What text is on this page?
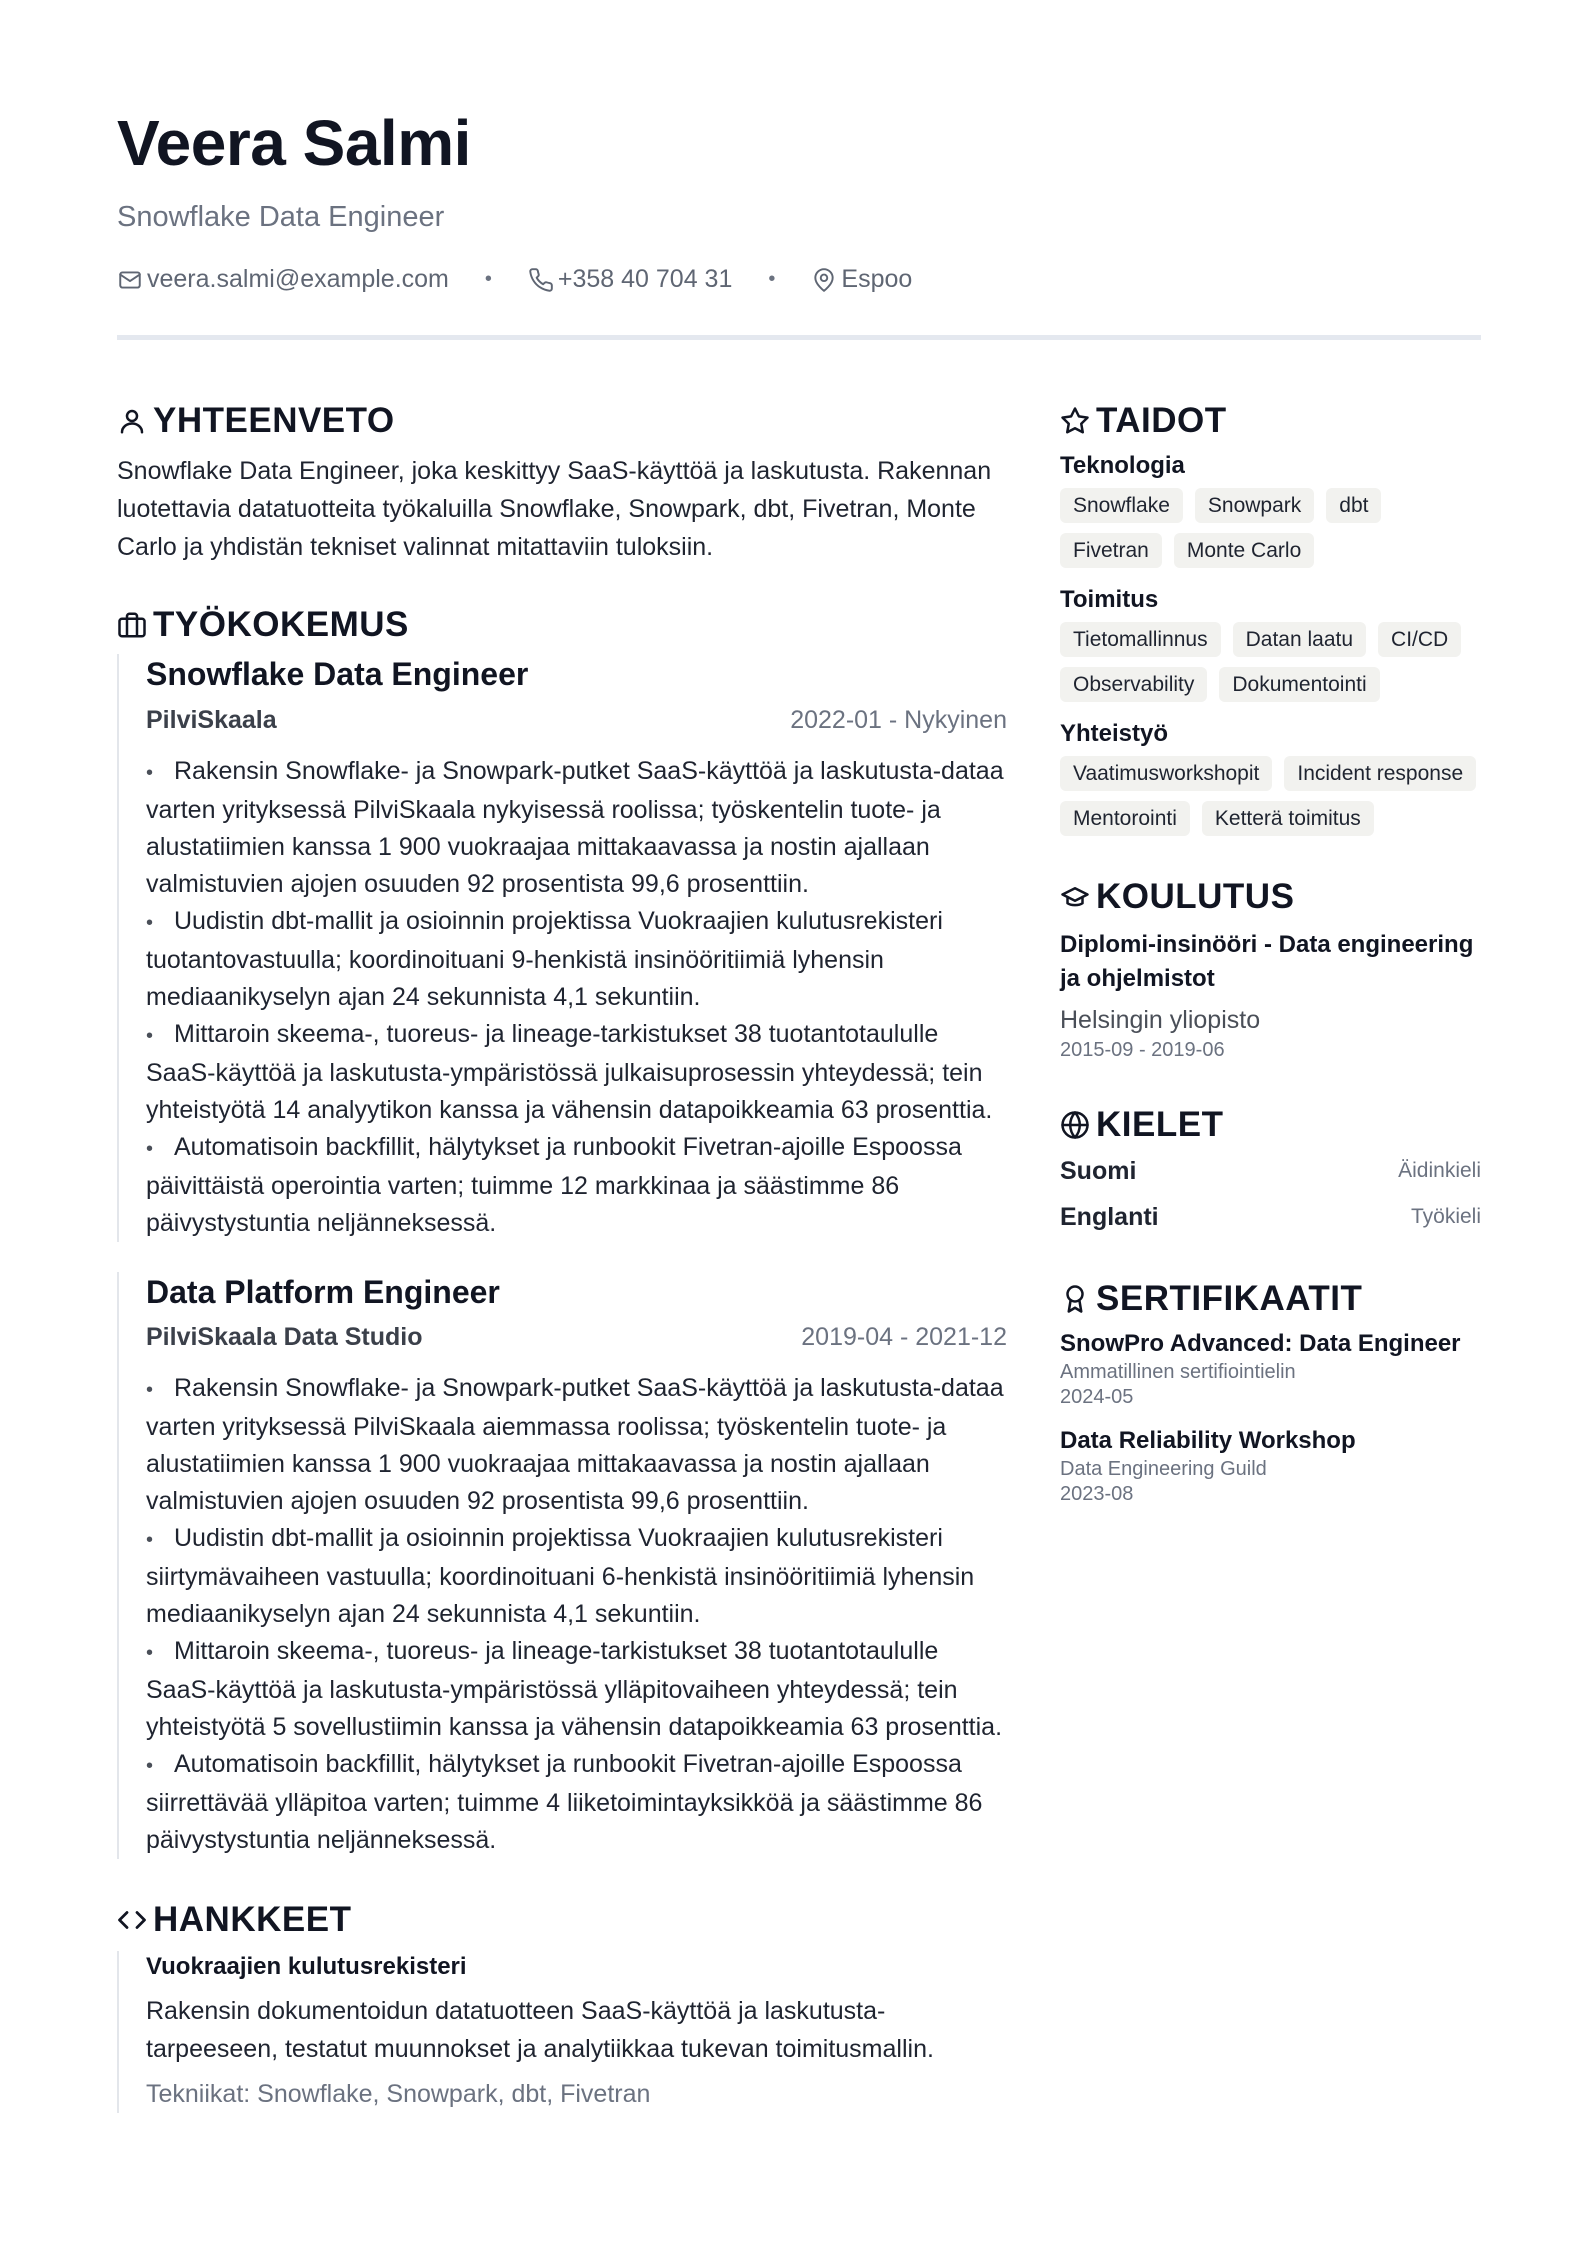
Veera Salmi
Snowflake Data Engineer
veera.salmi@example.com •	+358 40 704 31 •	Espoo
YHTEENVETO
Snowflake Data Engineer, joka keskittyy SaaS-käyttöä ja laskutusta. Rakennan luotettavia datatuotteita työkaluilla Snowflake, Snowpark, dbt, Fivetran, Monte Carlo ja yhdistän tekniset valinnat mitattaviin tuloksiin.
TYÖKOKEMUS
Snowflake Data Engineer
PilviSkaala	2022-01 - Nykyinen
• Rakensin Snowflake- ja Snowpark-putket SaaS-käyttöä ja laskutusta-dataa varten yrityksessä PilviSkaala nykyisessä roolissa; työskentelin tuote- ja alustatiimien kanssa 1 900 vuokraajaa mittakaavassa ja nostin ajallaan valmistuvien ajojen osuuden 92 prosentista 99,6 prosenttiin.
• Uudistin dbt-mallit ja osioinnin projektissa Vuokraajien kulutusrekisteri tuotantovastuulla; koordinoituani 9-henkistä insinööritiimiä lyhensin mediaanikyselyn ajan 24 sekunnista 4,1 sekuntiin.
• Mittaroin skeema-, tuoreus- ja lineage-tarkistukset 38 tuotantotaululle SaaS-käyttöä ja laskutusta-ympäristössä julkaisuprosessin yhteydessä; tein yhteistyötä 14 analyytikon kanssa ja vähensin datapoikkeamia 63 prosenttia.
• Automatisoin backfillit, hälytykset ja runbookit Fivetran-ajoille Espoossa päivittäistä operointia varten; tuimme 12 markkinaa ja säästimme 86 päivystystuntia neljänneksessä.
Data Platform Engineer
PilviSkaala Data Studio	2019-04 - 2021-12
• Rakensin Snowflake- ja Snowpark-putket SaaS-käyttöä ja laskutusta-dataa varten yrityksessä PilviSkaala aiemmassa roolissa; työskentelin tuote- ja alustatiimien kanssa 1 900 vuokraajaa mittakaavassa ja nostin ajallaan valmistuvien ajojen osuuden 92 prosentista 99,6 prosenttiin.
• Uudistin dbt-mallit ja osioinnin projektissa Vuokraajien kulutusrekisteri siirtymävaiheen vastuulla; koordinoituani 6-henkistä insinööritiimiä lyhensin mediaanikyselyn ajan 24 sekunnista 4,1 sekuntiin.
• Mittaroin skeema-, tuoreus- ja lineage-tarkistukset 38 tuotantotaululle SaaS-käyttöä ja laskutusta-ympäristössä ylläpitovaiheen yhteydessä; tein yhteistyötä 5 sovellustiimin kanssa ja vähensin datapoikkeamia 63 prosenttia.
• Automatisoin backfillit, hälytykset ja runbookit Fivetran-ajoille Espoossa siirrettävää ylläpitoa varten; tuimme 4 liiketoimintayksikköä ja säästimme 86 päivystystuntia neljänneksessä.
HANKKEET
Vuokraajien kulutusrekisteri
Rakensin dokumentoidun datatuotteen SaaS-käyttöä ja laskutusta-tarpeeseen, testatut muunnokset ja analytiikkaa tukevan toimitusmallin.
Tekniikat: Snowflake, Snowpark, dbt, Fivetran
TAIDOT
Teknologia
Snowflake	Snowpark	dbt
Fivetran	Monte Carlo
Toimitus
Tietomallinnus	Datan laatu	CI/CD
Observability	Dokumentointi
Yhteistyö
Vaatimusworkshopit	Incident response
Mentorointi	Ketterä toimitus
KOULUTUS
Diplomi-insinööri - Data engineering ja ohjelmistot
Helsingin yliopisto
2015-09 - 2019-06
KIELET
Suomi	Äidinkieli
Englanti	Työkieli
SERTIFIKAATIT
SnowPro Advanced: Data Engineer
Ammatillinen sertifiointielin
2024-05
Data Reliability Workshop
Data Engineering Guild
2023-08
